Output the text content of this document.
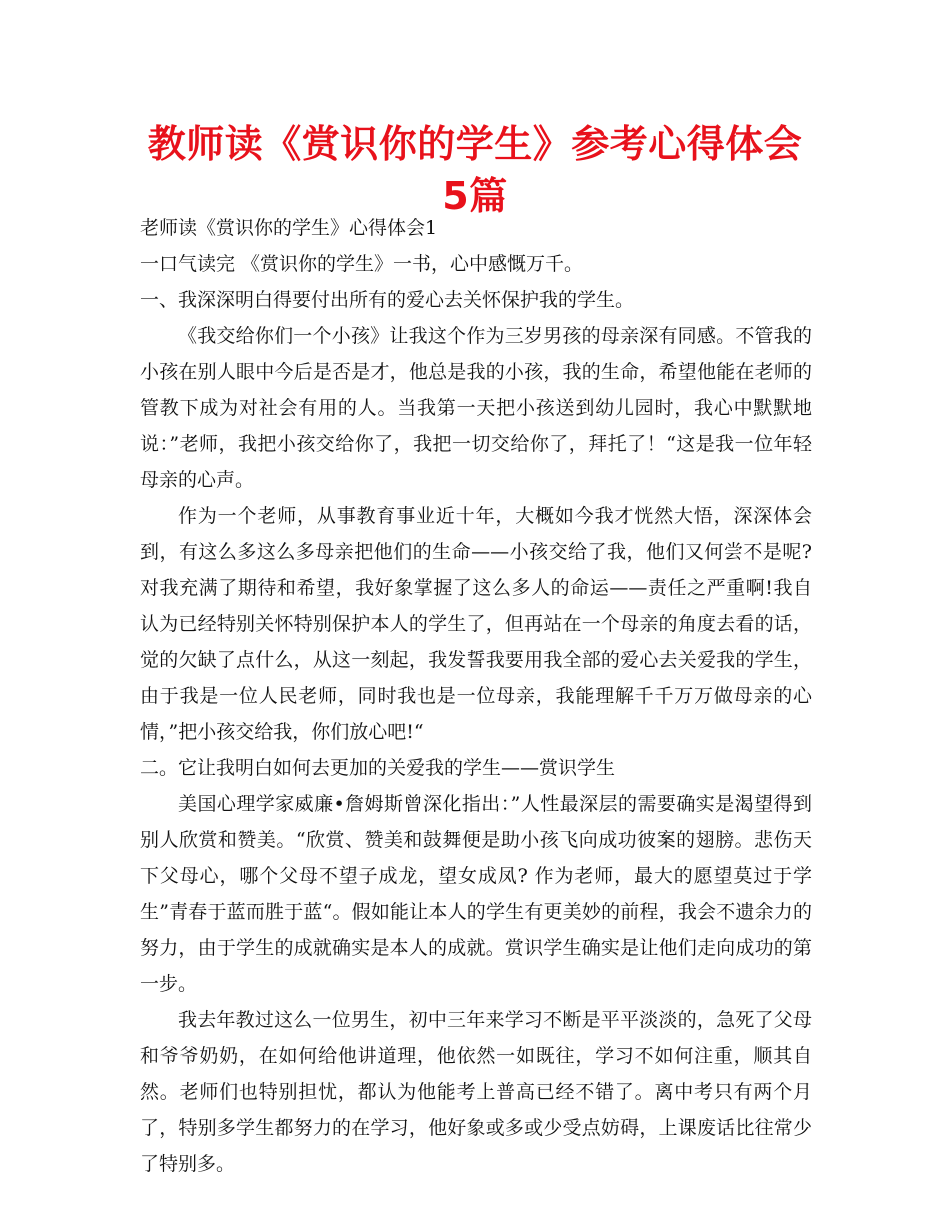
教师读《赏识你的学生》参考心得体会5篇

老师读《赏识你的学生》心得体会1

一口气读完 《赏识你的学生》一书，心中感慨万千。

一、我深深明白得要付出所有的爱心去关怀保护我的学生。

《我交给你们一个小孩》让我这个作为三岁男孩的母亲深有同感。不管我的小孩在别人眼中今后是否是才，他总是我的小孩，我的生命，希望他能在老师的管教下成为对社会有用的人。当我第一天把小孩送到幼儿园时，我心中默默地说：”老师，我把小孩交给你了，我把一切交给你了，拜托了！“这是我一位年轻母亲的心声。

作为一个老师，从事教育事业近十年，大概如今我才恍然大悟，深深体会到，有这么多这么多母亲把他们的生命——小孩交给了我，他们又何尝不是呢?对我充满了期待和希望，我好象掌握了这么多人的命运——责任之严重啊!我自认为已经特别关怀特别保护本人的学生了，但再站在一个母亲的角度去看的话，觉的欠缺了点什么，从这一刻起，我发誓我要用我全部的爱心去关爱我的学生，由于我是一位人民老师，同时我也是一位母亲，我能理解千千万万做母亲的心情，”把小孩交给我，你们放心吧!“

二。它让我明白如何去更加的关爱我的学生——赏识学生

美国心理学家威廉•詹姆斯曾深化指出：”人性最深层的需要确实是渴望得到别人欣赏和赞美。“欣赏、赞美和鼓舞便是助小孩飞向成功彼案的翅膀。悲伤天下父母心，哪个父母不望子成龙，望女成凤? 作为老师，最大的愿望莫过于学生”青春于蓝而胜于蓝“。假如能让本人的学生有更美妙的前程，我会不遗余力的努力，由于学生的成就确实是本人的成就。赏识学生确实是让他们走向成功的第一步。

我去年教过这么一位男生，初中三年来学习不断是平平淡淡的，急死了父母和爷爷奶奶，在如何给他讲道理，他依然一如既往，学习不如何注重，顺其自然。老师们也特别担忧，都认为他能考上普高已经不错了。离中考只有两个月了，特别多学生都努力的在学习，他好象或多或少受点妨碍，上课废话比往常少了特别多。
